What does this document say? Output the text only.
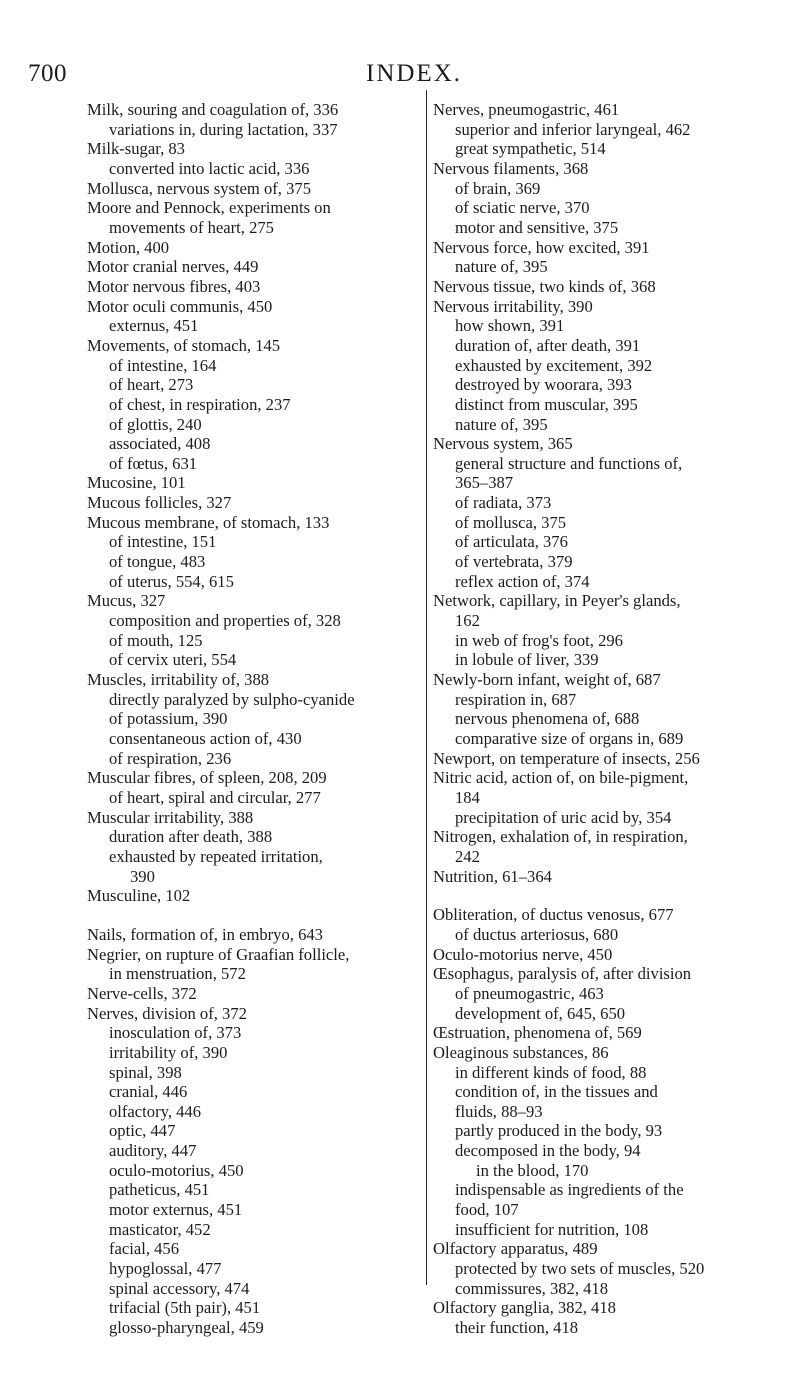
700	INDEX.
Milk, souring and coagulation of, 336
variations in, during lactation, 337
Milk-sugar, 83
converted into lactic acid, 336
Mollusca, nervous system of, 375
Moore and Pennock, experiments on
movements of heart, 275
Motion, 400
Motor cranial nerves, 449
Motor nervous fibres, 403
Motor oculi communis, 450
externus, 451
Movements, of stomach, 145
of intestine, 164
of heart, 273
of chest, in respiration, 237
of glottis, 240
associated, 408
of fœtus, 631
Mucosine, 101
Mucous follicles, 327
Mucous membrane, of stomach, 133
of intestine, 151
of tongue, 483
of uterus, 554, 615
Mucus, 327
composition and properties of, 328
of mouth, 125
of cervix uteri, 554
Muscles, irritability of, 388
directly paralyzed by sulpho-cyanide
of potassium, 390
consentaneous action of, 430
of respiration, 236
Muscular fibres, of spleen, 208, 209
of heart, spiral and circular, 277
Muscular irritability, 388
duration after death, 388
exhausted by repeated irritation,
390
Musculine, 102
Nails, formation of, in embryo, 643
Negrier, on rupture of Graafian follicle,
in menstruation, 572
Nerve-cells, 372
Nerves, division of, 372
inosculation of, 373
irritability of, 390
spinal, 398
cranial, 446
olfactory, 446
optic, 447
auditory, 447
oculo-motorius, 450
patheticus, 451
motor externus, 451
masticator, 452
facial, 456
hypoglossal, 477
spinal accessory, 474
trifacial (5th pair), 451
glosso-pharyngeal, 459
Nerves, pneumogastric, 461
superior and inferior laryngeal, 462
great sympathetic, 514
Nervous filaments, 368
of brain, 369
of sciatic nerve, 370
motor and sensitive, 375
Nervous force, how excited, 391
nature of, 395
Nervous tissue, two kinds of, 368
Nervous irritability, 390
how shown, 391
duration of, after death, 391
exhausted by excitement, 392
destroyed by woorara, 393
distinct from muscular, 395
nature of, 395
Nervous system, 365
general structure and functions of,
365–387
of radiata, 373
of mollusca, 375
of articulata, 376
of vertebrata, 379
reflex action of, 374
Network, capillary, in Peyer's glands,
162
in web of frog's foot, 296
in lobule of liver, 339
Newly-born infant, weight of, 687
respiration in, 687
nervous phenomena of, 688
comparative size of organs in, 689
Newport, on temperature of insects, 256
Nitric acid, action of, on bile-pigment,
184
precipitation of uric acid by, 354
Nitrogen, exhalation of, in respiration,
242
Nutrition, 61–364
Obliteration, of ductus venosus, 677
of ductus arteriosus, 680
Oculo-motorius nerve, 450
Œsophagus, paralysis of, after division
of pneumogastric, 463
development of, 645, 650
Œstruation, phenomena of, 569
Oleaginous substances, 86
in different kinds of food, 88
condition of, in the tissues and
fluids, 88–93
partly produced in the body, 93
decomposed in the body, 94
in the blood, 170
indispensable as ingredients of the
food, 107
insufficient for nutrition, 108
Olfactory apparatus, 489
protected by two sets of muscles, 520
commissures, 382, 418
Olfactory ganglia, 382, 418
their function, 418
